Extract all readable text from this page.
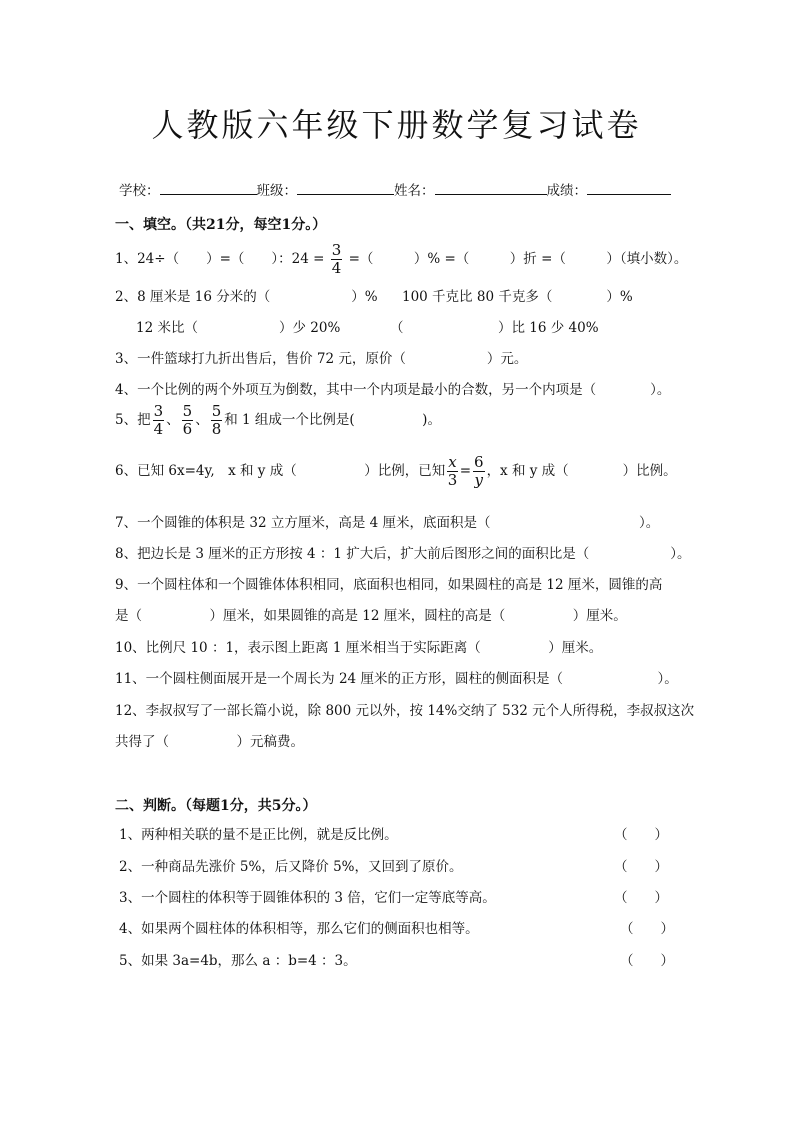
人教版六年级下册数学复习试卷
学校：	班级：	姓名：	成绩：
一、填空。（共21分，每空1分。）
1、24÷（　　）=（　　）：$24 = \frac{3}{4}$ =（　　　）% =（　　　）折 =（　　　）（填小数）。
2、8 厘米是 16 分米的（　　　　　　）% 100 千克比 80 千克多（　　　　）%
12 米比（　　　　　　）少 20%	（　　　　　　　）比 16 少 40%
3、一件篮球打九折出售后，售价 72 元，原价（　　　　　　）元。
4、一个比例的两个外项互为倒数，其中一个内项是最小的合数，另一个内项是（　　　　）。
5、把 $\frac{3}{4}$ 、 $\frac{5}{6}$ 、 $\frac{5}{8}$ 和 1 组成一个比例是(　　　　　)。
6、已知 6x=4y,　x 和 y 成（　　　　　）比例，已知 $\frac{x}{3} = \frac{6}{y}$ ，x 和 y 成（　　　　）比例。
7、一个圆锥的体积是 32 立方厘米，高是 4 厘米，底面积是（　　　　　　　　　　　）。
8、把边长是 3 厘米的正方形按 4 ：1 扩大后，扩大前后图形之间的面积比是（　　　　　　）。
9、一个圆柱体和一个圆锥体体积相同，底面积也相同，如果圆柱的高是 12 厘米，圆锥的高
是（　　　　　）厘米，如果圆锥的高是 12 厘米，圆柱的高是（　　　　　）厘米。
10、比例尺 10 ：1，表示图上距离 1 厘米相当于实际距离（　　　　　）厘米。
11、一个圆柱侧面展开是一个周长为 24 厘米的正方形，圆柱的侧面积是（　　　　　　　）。
12、李叔叔写了一部长篇小说，除 800 元以外，按 14%交纳了 532 元个人所得税，李叔叔这次
共得了（　　　　　）元稿费。
二、判断。（每题1分，共5分。）
1、两种相关联的量不是正比例，就是反比例。	（　　）
2、一种商品先涨价 5%，后又降价 5%，又回到了原价。	（　　）
3、一个圆柱的体积等于圆锥体积的 3 倍，它们一定等底等高。	（　　）
4、如果两个圆柱体的体积相等，那么它们的侧面积也相等。	（　　）
5、如果 3a=4b，那么 a ：b=4 ：3。	（　　）
